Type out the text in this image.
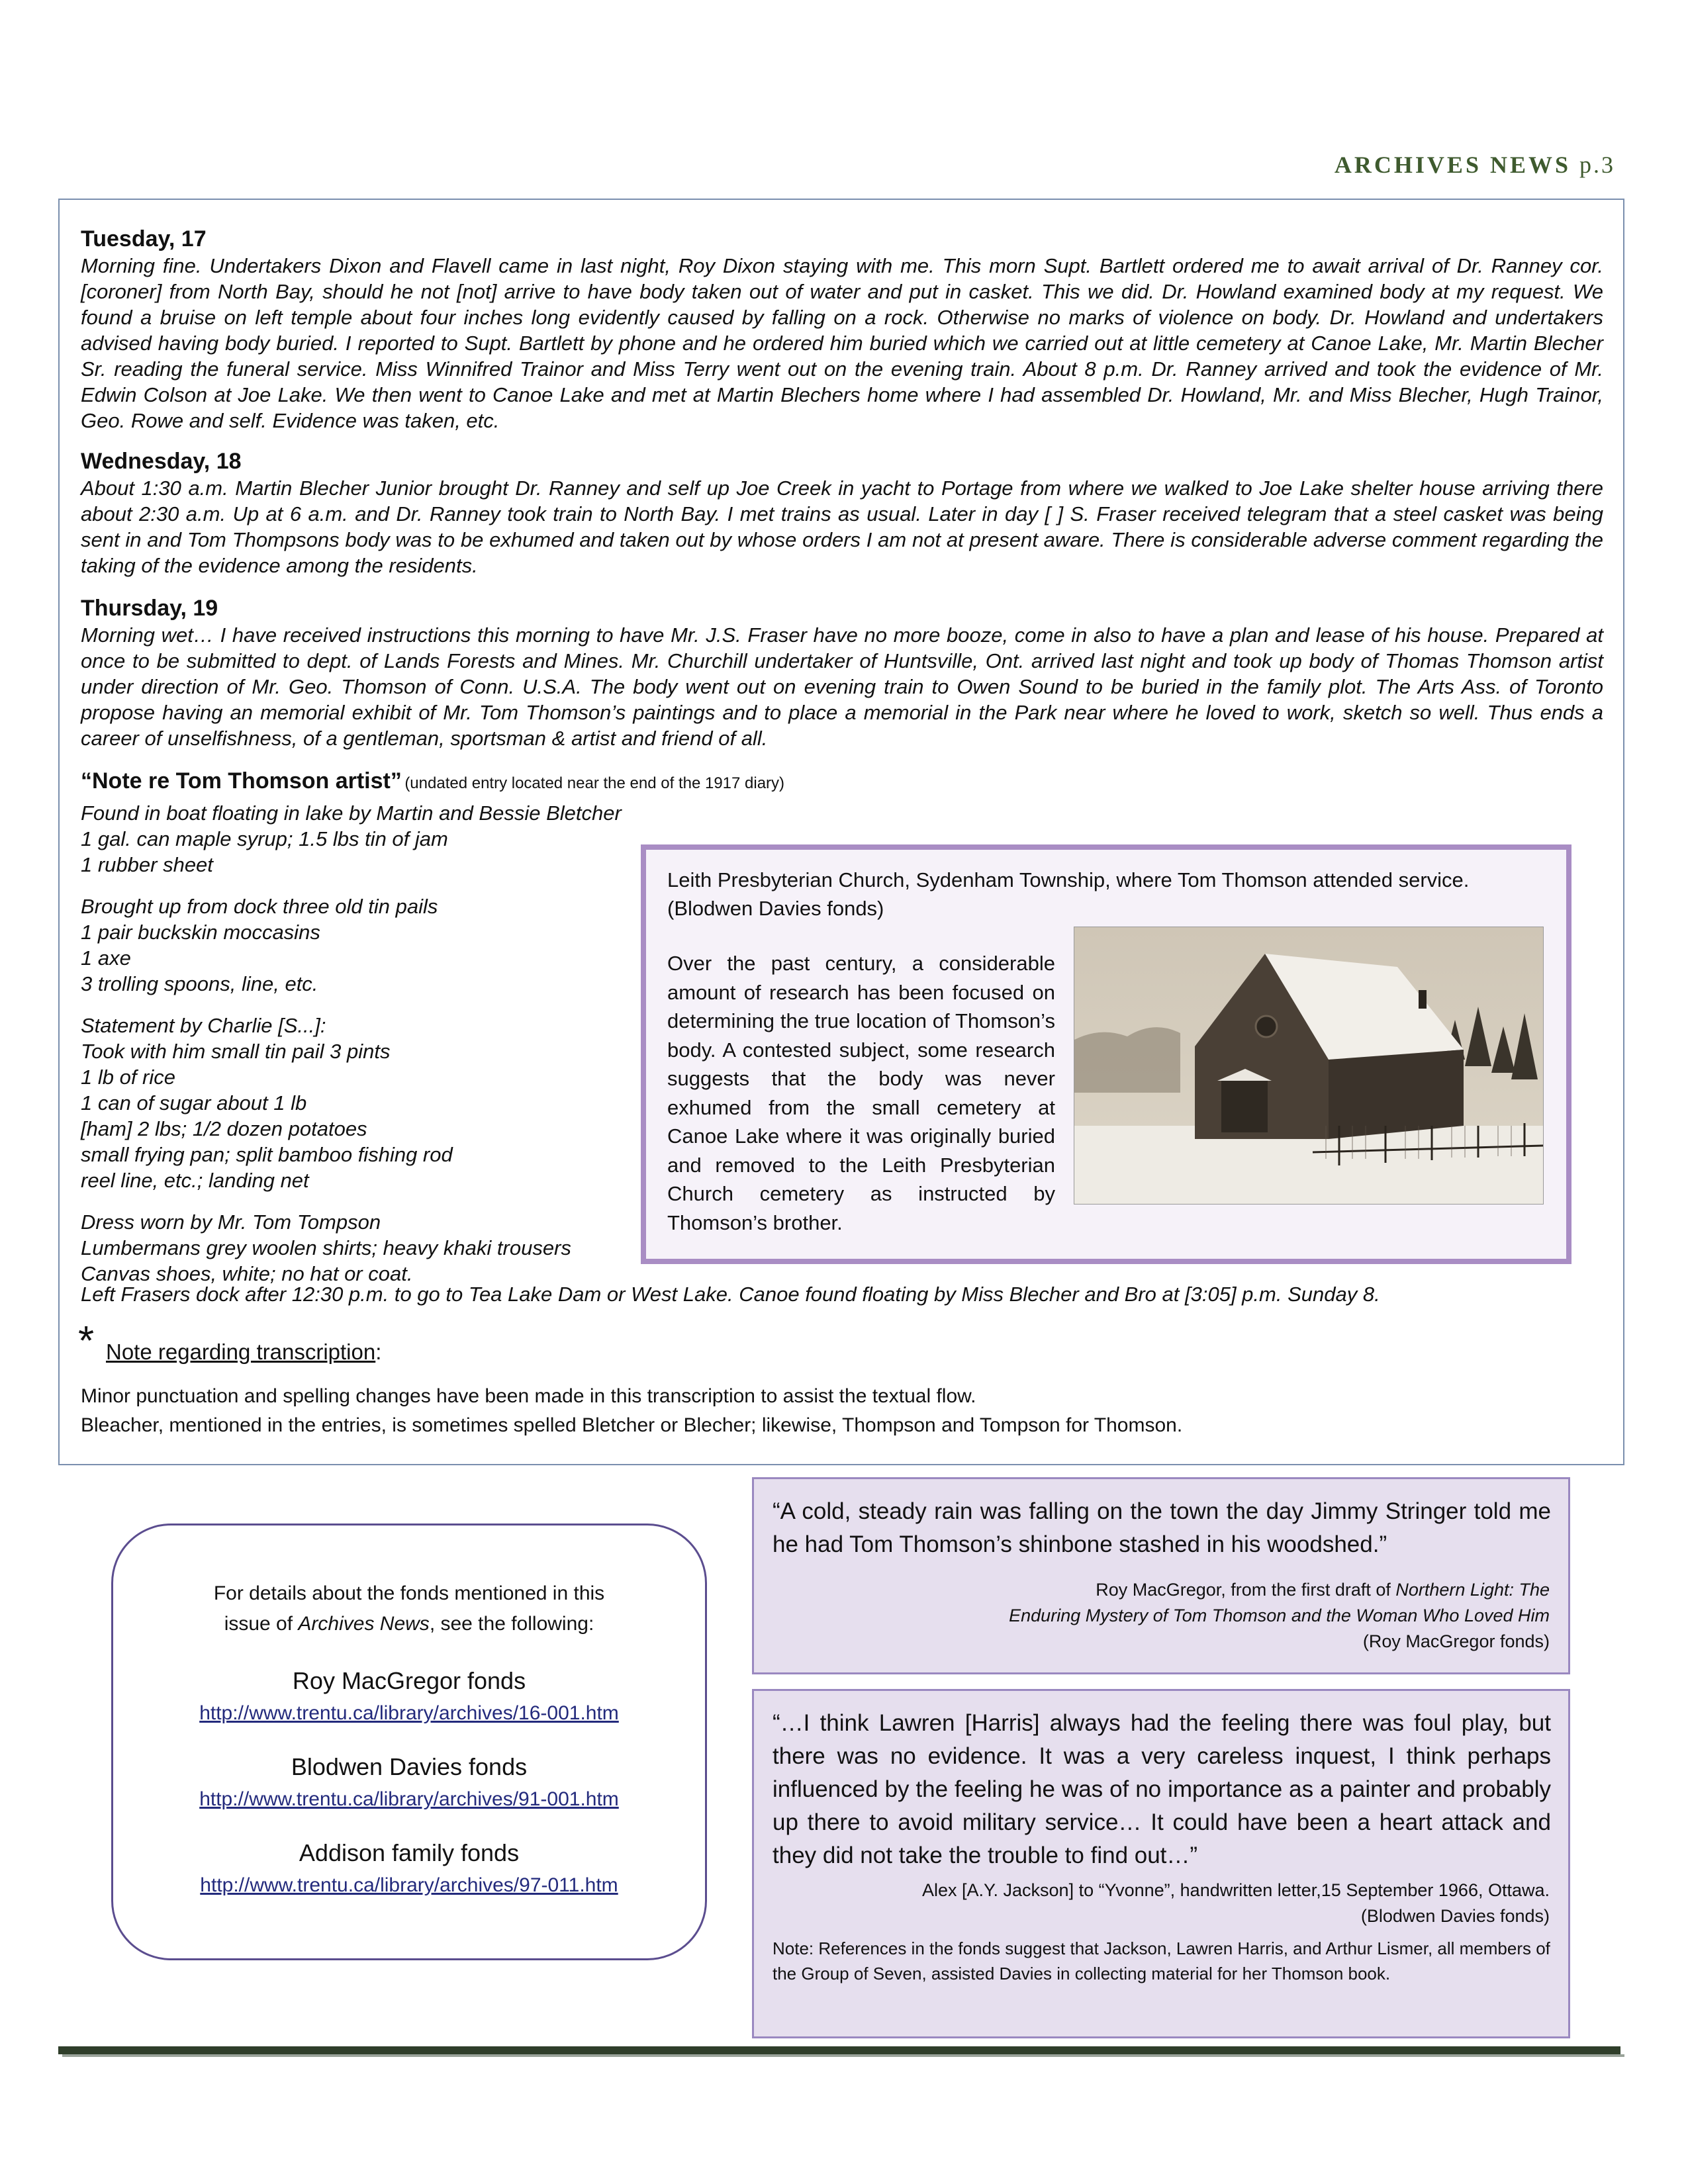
ARCHIVES NEWS p.3

Tuesday, 17

Morning fine. Undertakers Dixon and Flavell came in last night, Roy Dixon staying with me. This morn Supt. Bartlett ordered me to await arrival of Dr. Ranney cor. [coroner] from North Bay, should he not [not] arrive to have body taken out of water and put in casket. This we did. Dr. Howland examined body at my request. We found a bruise on left temple about four inches long evidently caused by falling on a rock. Otherwise no marks of violence on body. Dr. Howland and undertakers advised having body buried. I reported to Supt. Bartlett by phone and he ordered him buried which we carried out at little cemetery at Canoe Lake, Mr. Martin Blecher Sr. reading the funeral service. Miss Winnifred Trainor and Miss Terry went out on the evening train. About 8 p.m. Dr. Ranney arrived and took the evidence of Mr. Edwin Colson at Joe Lake. We then went to Canoe Lake and met at Martin Blechers home where I had assembled Dr. Howland, Mr. and Miss Blecher, Hugh Trainor, Geo. Rowe and self. Evidence was taken, etc.

Wednesday, 18

About 1:30 a.m. Martin Blecher Junior brought Dr. Ranney and self up Joe Creek in yacht to Portage from where we walked to Joe Lake shelter house arriving there about 2:30 a.m. Up at 6 a.m. and Dr. Ranney took train to North Bay. I met trains as usual. Later in day [ ] S. Fraser received telegram that a steel casket was being sent in and Tom Thompsons body was to be exhumed and taken out by whose orders I am not at present aware. There is considerable adverse comment regarding the taking of the evidence among the residents.

Thursday, 19

Morning wet… I have received instructions this morning to have Mr. J.S. Fraser have no more booze, come in also to have a plan and lease of his house. Prepared at once to be submitted to dept. of Lands Forests and Mines. Mr. Churchill undertaker of Huntsville, Ont. arrived last night and took up body of Thomas Thomson artist under direction of Mr. Geo. Thomson of Conn. U.S.A. The body went out on evening train to Owen Sound to be buried in the family plot. The Arts Ass. of Toronto propose having an memorial exhibit of Mr. Tom Thomson’s paintings and to place a memorial in the Park near where he loved to work, sketch so well. Thus ends a career of unselfishness, of a gentleman, sportsman & artist and friend of all.

“Note re Tom Thomson artist” (undated entry located near the end of the 1917 diary)
Found in boat floating in lake by Martin and Bessie Bletcher
1 gal. can maple syrup; 1.5 lbs tin of jam
1 rubber sheet
Brought up from dock three old tin pails
1 pair buckskin moccasins
1 axe
3 trolling spoons, line, etc.
Statement by Charlie [S...]:
Took with him small tin pail 3 pints
1 lb of rice
1 can of sugar about 1 lb
[ham] 2 lbs; 1/2 dozen potatoes
small frying pan; split bamboo fishing rod
reel line, etc.; landing net
Dress worn by Mr. Tom Tompson
Lumbermans grey woolen shirts; heavy khaki trousers
Canvas shoes, white; no hat or coat.
Left Frasers dock after 12:30 p.m. to go to Tea Lake Dam or West Lake. Canoe found floating by Miss Blecher and Bro at [3:05] p.m. Sunday 8.
Leith Presbyterian Church, Sydenham Township, where Tom Thomson attended service. (Blodwen Davies fonds)
Over the past century, a considerable amount of research has been focused on determining the true location of Thomson’s body. A contested subject, some research suggests that the body was never exhumed from the small cemetery at Canoe Lake where it was originally buried and removed to the Leith Presbyterian Church cemetery as instructed by Thomson’s brother.
* Note regarding transcription:
Minor punctuation and spelling changes have been made in this transcription to assist the textual flow.
Bleacher, mentioned in the entries, is sometimes spelled Bletcher or Blecher; likewise, Thompson and Tompson for Thomson.
For details about the fonds mentioned in this
issue of Archives News, see the following:
Roy MacGregor fonds
http://www.trentu.ca/library/archives/16-001.htm
Blodwen Davies fonds
http://www.trentu.ca/library/archives/91-001.htm
Addison family fonds
http://www.trentu.ca/library/archives/97-011.htm
“A cold, steady rain was falling on the town the day Jimmy Stringer told me he had Tom Thomson’s shinbone stashed in his woodshed.”
Roy MacGregor, from the first draft of Northern Light: The
Enduring Mystery of Tom Thomson and the Woman Who Loved Him
(Roy MacGregor fonds)
“…I think Lawren [Harris] always had the feeling there was foul play, but there was no evidence. It was a very careless inquest, I think perhaps influenced by the feeling he was of no importance as a painter and probably up there to avoid military service… It could have been a heart attack and they did not take the trouble to find out…”
Alex [A.Y. Jackson] to “Yvonne”, handwritten letter,15 September 1966, Ottawa.
(Blodwen Davies fonds)
Note: References in the fonds suggest that Jackson, Lawren Harris, and Arthur Lismer, all members of the Group of Seven, assisted Davies in collecting material for her Thomson book.
